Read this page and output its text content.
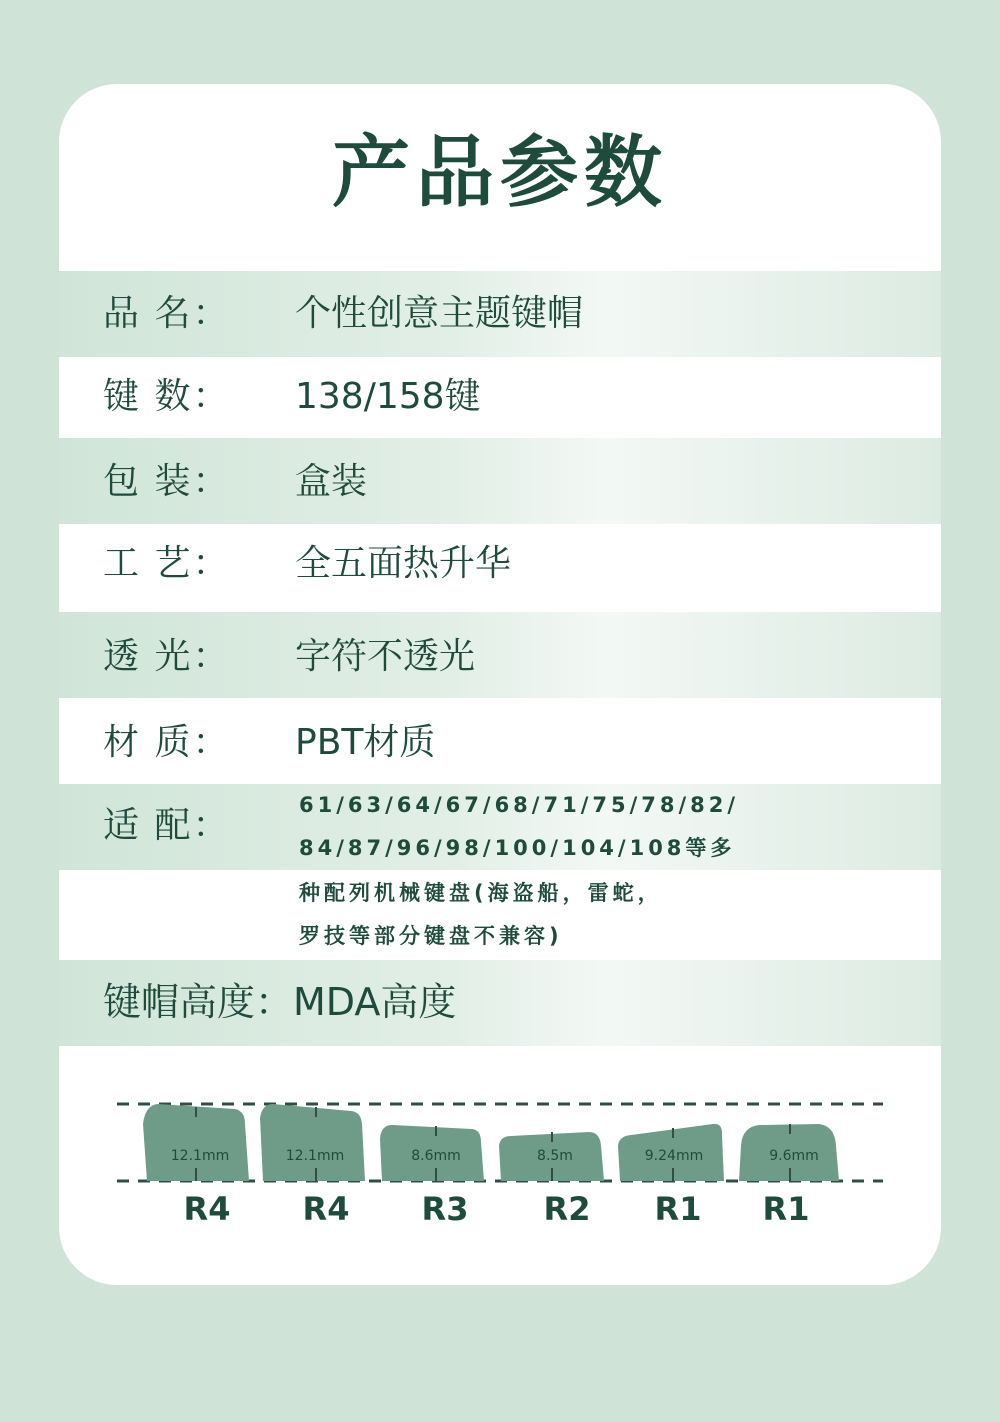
产品参数
品 名： 个性创意主题键帽
键 数： 138/158键
包 装： 盒装
工 艺： 全五面热升华
透 光： 字符不透光
材 质： PBT材质
适 配：	61/63/64/67/68/71/75/78/82/
84/87/96/98/100/104/108等多
种配列机械键盘(海盗船，雷蛇，
罗技等部分键盘不兼容)
键帽高度：MDA高度
12.1mm	12.1mm	8.6mm	8.5m	9.24mm	9.6mm
R4 R4 R3 R2 R1 R1
